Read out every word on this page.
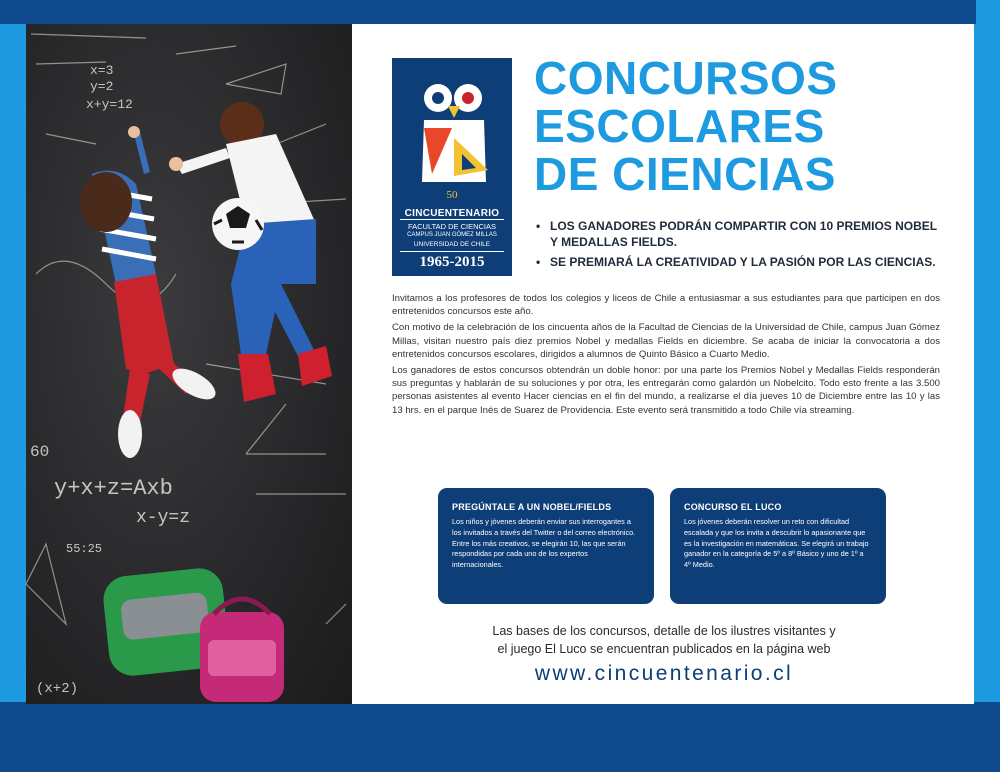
x=3
y=2
x+y=12
y+x+z=Axb
x-y=z
55:25
60
(x+2)
50
CINCUENTENARIO
FACULTAD DE CIENCIAS
CAMPUS JUAN GÓMEZ MILLAS
UNIVERSIDAD DE CHILE
1965-2015
CONCURSOS
ESCOLARES
DE CIENCIAS
• LOS GANADORES PODRÁN COMPARTIR CON 10 PREMIOS NOBEL Y MEDALLAS FIELDS.
• SE PREMIARÁ LA CREATIVIDAD Y LA PASIÓN POR LAS CIENCIAS.

Invitamos a los profesores de todos los colegios y liceos de Chile a entusiasmar a sus estudiantes para que participen en dos entretenidos concursos este año.

Con motivo de la celebración de los cincuenta años de la Facultad de Ciencias de la Universidad de Chile, campus Juan Gómez Millas, visitan nuestro país diez premios Nobel y medallas Fields en diciembre. Se acaba de iniciar la convocatoria a dos entretenidos concursos escolares, dirigidos a alumnos de Quinto Básico a Cuarto Medio.

Los ganadores de estos concursos obtendrán un doble honor: por una parte los Premios Nobel y Medallas Fields responderán sus preguntas y hablarán de su soluciones y por otra, les entregarán como galardón un Nobelcito. Todo esto frente a las 3.500 personas asistentes al evento Hacer ciencias en el fin del mundo, a realizarse el día jueves 10 de Diciembre entre las 10 y las 13 hrs. en el parque Inés de Suarez de Providencia. Este evento será transmitido a todo Chile vía streaming.

PREGÚNTALE A UN NOBEL/FIELDS
Los niños y jóvenes deberán enviar sus interrogantes a los invitados a través del Twitter o del correo electrónico. Entre los más creativos, se elegirán 10, las que serán respondidas por cada uno de los expertos internacionales.
CONCURSO EL LUCO
Los jóvenes deberán resolver un reto con dificultad escalada y que los invita a descubrir lo apasionante que es la investigación en matemáticas. Se elegirá un trabajo ganador en la categoría de 5º a 8º Básico y uno de 1º a 4º Medio.
Las bases de los concursos, detalle de los ilustres visitantes y
el juego El Luco se encuentran publicados en la página web
www.cincuentenario.cl
